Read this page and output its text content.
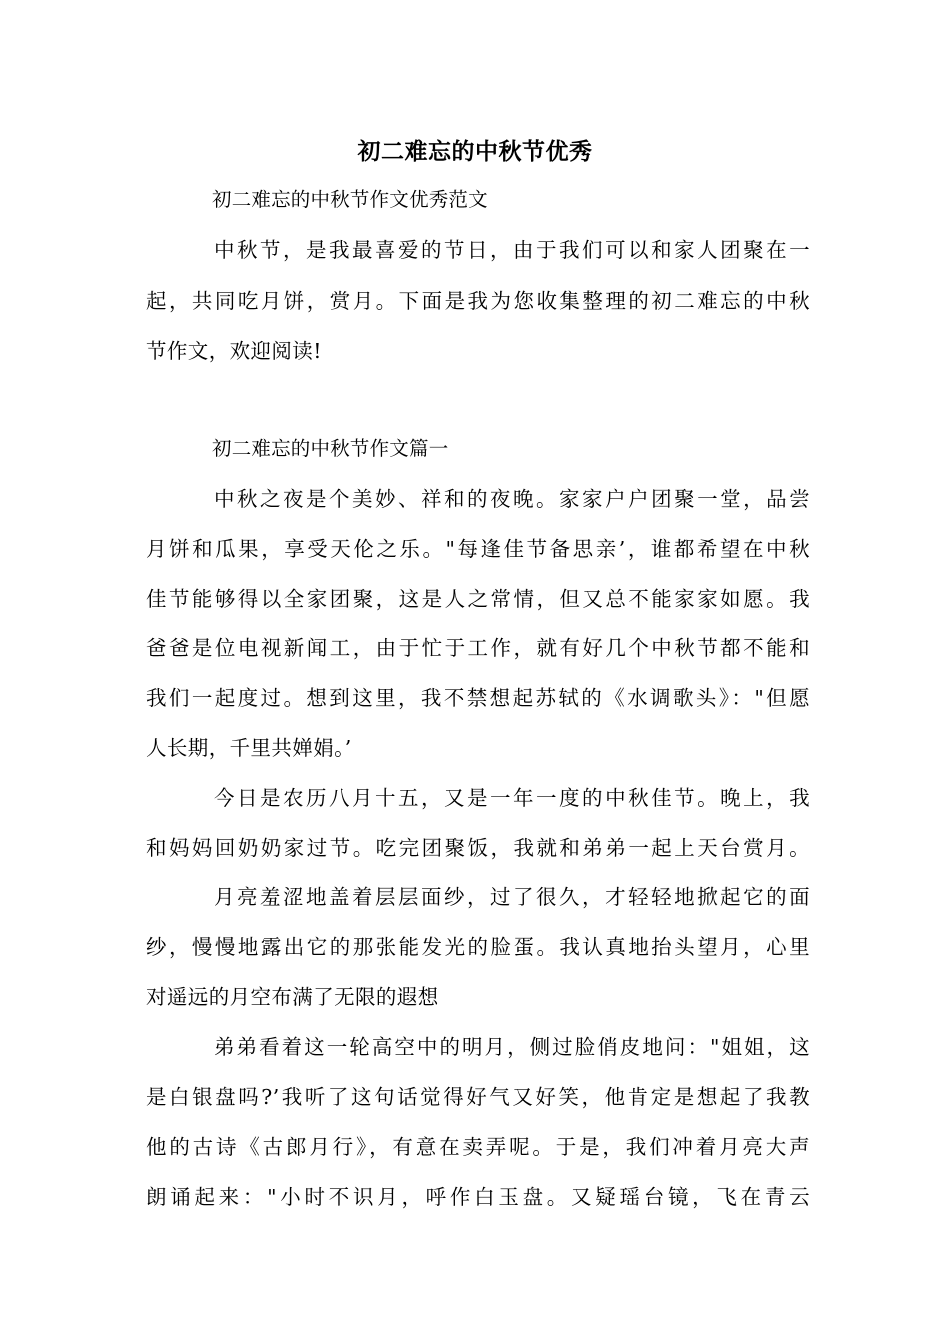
初二难忘的中秋节优秀
初二难忘的中秋节作文优秀范文
中秋节，是我最喜爱的节日，由于我们可以和家人团聚在一
起，共同吃月饼，赏月。下面是我为您收集整理的初二难忘的中秋
节作文，欢迎阅读!
初二难忘的中秋节作文篇一
中秋之夜是个美妙、祥和的夜晚。家家户户团聚一堂，品尝
月饼和瓜果，享受天伦之乐。"每逢佳节备思亲’，谁都希望在中秋
佳节能够得以全家团聚，这是人之常情，但又总不能家家如愿。我
爸爸是位电视新闻工，由于忙于工作，就有好几个中秋节都不能和
我们一起度过。想到这里，我不禁想起苏轼的《水调歌头》："但愿
人长期，千里共婵娟。’
今日是农历八月十五，又是一年一度的中秋佳节。晚上，我
和妈妈回奶奶家过节。吃完团聚饭，我就和弟弟一起上天台赏月。
月亮羞涩地盖着层层面纱，过了很久，才轻轻地掀起它的面
纱，慢慢地露出它的那张能发光的脸蛋。我认真地抬头望月，心里
对遥远的月空布满了无限的遐想
弟弟看着这一轮高空中的明月，侧过脸俏皮地问："姐姐，这
是白银盘吗?’我听了这句话觉得好气又好笑，他肯定是想起了我教
他的古诗《古郎月行》，有意在卖弄呢。于是，我们冲着月亮大声
朗诵起来："小时不识月，呼作白玉盘。又疑瑶台镜，飞在青云
